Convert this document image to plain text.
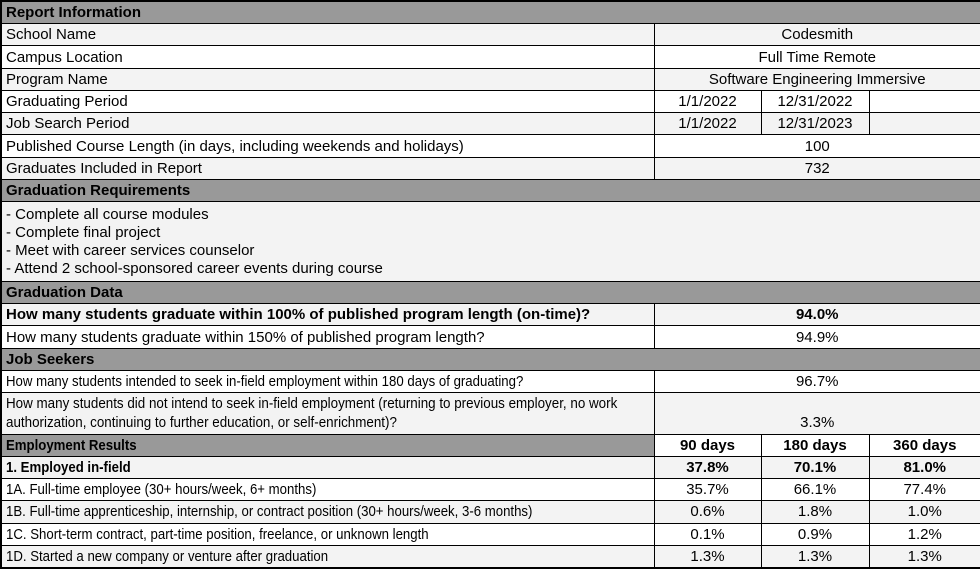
Report Information			
School Name	Codesmith		
Campus Location	Full Time Remote		
Program Name	Software Engineering Immersive		
Graduating Period	1/1/2022	12/31/2022	
Job Search Period	1/1/2022	12/31/2023	
Published Course Length (in days, including weekends and holidays)	100		
Graduates Included in Report	732		
Graduation Requirements			

- Complete all course modules
- Complete final project
- Meet with career services counselor
- Attend 2 school-sponsored career events during course			

Graduation Data			
How many students graduate within 100% of published program length (on-time)?	94.0%		
How many students graduate within 150% of published program length?	94.9%		
Job Seekers			
How many students intended to seek in-field employment within 180 days of graduating?	96.7%		

How many students did not intend to seek in-field employment (returning to previous employer, no work authorization, continuing to further education, or self-enrichment)?	3.3%		
Employment Results	90 days	180 days	360 days
1. Employed in-field	37.8%	70.1%	81.0%
1A. Full-time employee (30+ hours/week, 6+ months)	35.7%	66.1%	77.4%
1B. Full-time apprenticeship, internship, or contract position (30+ hours/week, 3-6 months)	0.6%	1.8%	1.0%
1C. Short-term contract, part-time position, freelance, or unknown length	0.1%	0.9%	1.2%
1D. Started a new company or venture after graduation	1.3%	1.3%	1.3%
